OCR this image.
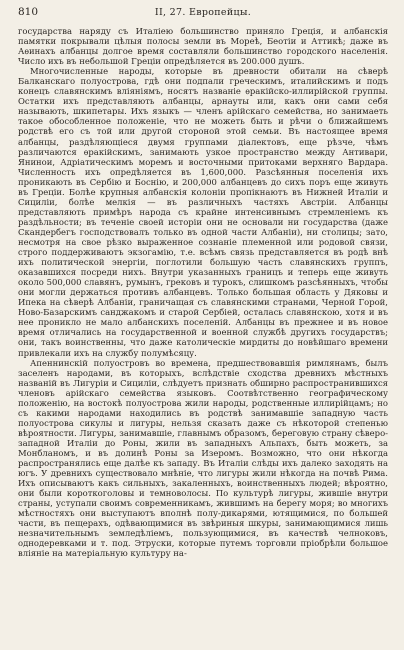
810	II, 27. Европейцы.

государства наряду съ Италiею большинство приняло Грецiя, и албанскiя памятки покрывали цѣлыя полосы земли въ Мореѣ, Беотiи и Аттикѣ; даже въ Аѳинахъ албанцы долгое время составляли большинство городского населенiя. Число ихъ въ небольшой Грецiи опредѣляется въ 200.000 душъ.

Многочисленные народы, которые въ древности обитали на сѣверѣ Балканскаго полуострова, гдѣ они подпали греческимъ, италийскимъ и подъ конецъ славянскимъ влiянiямъ, носятъ названiе ѳракiйско-иллирiйской группы. Остатки ихъ представляють албанцы, арнауты или, какъ они сами себя называють, шкипетары. Ихъ языкъ — членъ арiйскаго семейства, но занимаеть такое обособленное положенiе, что не можеть быть и рѣчи о ближайшемъ родствѣ его съ той или другой стороной этой семьи. Въ настоящее время албанцы, раздѣляющiеся двумя группами дiалектовъ, еще рѣзче, чѣмъ различаются ѳракiйскимъ, занимають узкое пространство между Антивари, Янинои, Адрiатическимъ моремъ и восточными притоками верхняго Вардара. Численность ихъ опредѣляется въ 1,600,000. Разсѣянныя поселенiя ихъ проникають въ Сербiю и Боснiю, и 200,000 албанцевъ до сихъ поръ еще живуть въ Грецiи. Болѣе крупныя албанскiя колонiи пропiкнаютъ въ Нижней Италiи и Сицилiи, болѣе мелкiя — въ различныхъ частяхъ Австрiи. Албанцы представляють примѣръ народа съ крайне интенсивнымъ стремленiемъ къ раздѣльности; въ теченiе своей исторiи они не основали ни государства (даже Скандербегъ господствовалъ только въ одной части Албанiи), ни столицы; зато, несмотря на свое рѣзко выраженное сознанiе племенной или родовой связи, строго поддерживаютъ экзогамiю, т.е. всѣмъ связь представляется въ родѣ внѣ ихъ политической энергiи, поглотили большую часть славянскихъ группъ, оказавшихся посреди нихъ. Внутри указанныхъ границъ и теперь еще живуть около 500,000 славянъ, румынъ, грековъ и турокъ, слишкомъ разсѣянныхъ, чтобы они могли держаться противъ албанцевъ. Только большая область у Дяковы и Ипека на сѣверѣ Албанiи, граничащая съ славянскими странами, Черной Горой, Ново-Базарскимъ санджакомъ и старой Сербiей, осталась славянскою, хотя и въ нее проникло не мало албанскихъ поселенiй. Албанцы въ прежнее и въ новое время отличались на государственной и военной службѣ другихъ государствъ; они, такъ воинственны, что даже католическiе мирдиты до новѣйшаго времени привлекали ихъ на службу полумѣсяцу.

Апеннинскiй полуостровъ во времена, предшествовавшiя римлянамъ, былъ заселенъ народами, въ которыхъ, вслѣдствiе сходства древнихъ мѣстныхъ названiй въ Лигурiи и Сицилiи, слѣдуетъ признать обширно распространившихся членовъ арiйскаго семейства языковъ. Соотвѣтственно географическому положенiю, на востокѣ полуострова жили народы, родственные иллирiйцамъ; но съ какими народами находились въ родствѣ занимавшiе западную часть полуострова сикулы и лигуры, нельзя сказать даже съ нѣкоторой степенью вѣроятности. Лигуры, занимавшiе, главнымъ образомъ, береговую страну сѣверо-западной Италiи до Роны, жили въ западныхъ Альпахъ, быть можеть, за Монбланомъ, и въ долинѣ Роны за Изеромъ. Возможно, что они нѣкогда распространялись еще далѣе къ западу. Въ Италiи слѣды ихъ далеко заходять на югъ. У древнихъ существовало мнѣнiе, что лигуры жили нѣкогда на почвѣ Рима. Ихъ описываютъ какъ сильныхъ, закаленныхъ, воинственныхъ людей; вѣроятно, они были короткоголовы и темноволосы. По культурѣ лигуры, жившiе внутри страны, уступали своимъ современникамъ, жившимъ на берегу моря; во многихъ мѣстностяхъ они выступаютъ вполнѣ полу-дикарями, ютящимися, по большей части, въ пещерахъ, одѣвающимися въ звѣриныя шкуры, занимающимися лишь незначительнымъ земледѣлiемъ, пользующимися, въ качествѣ челноковъ, однодеревками и т. под. Этруски, которые путемъ торговли прiобрѣли большое влiянiе на матерiальную культуру на-
